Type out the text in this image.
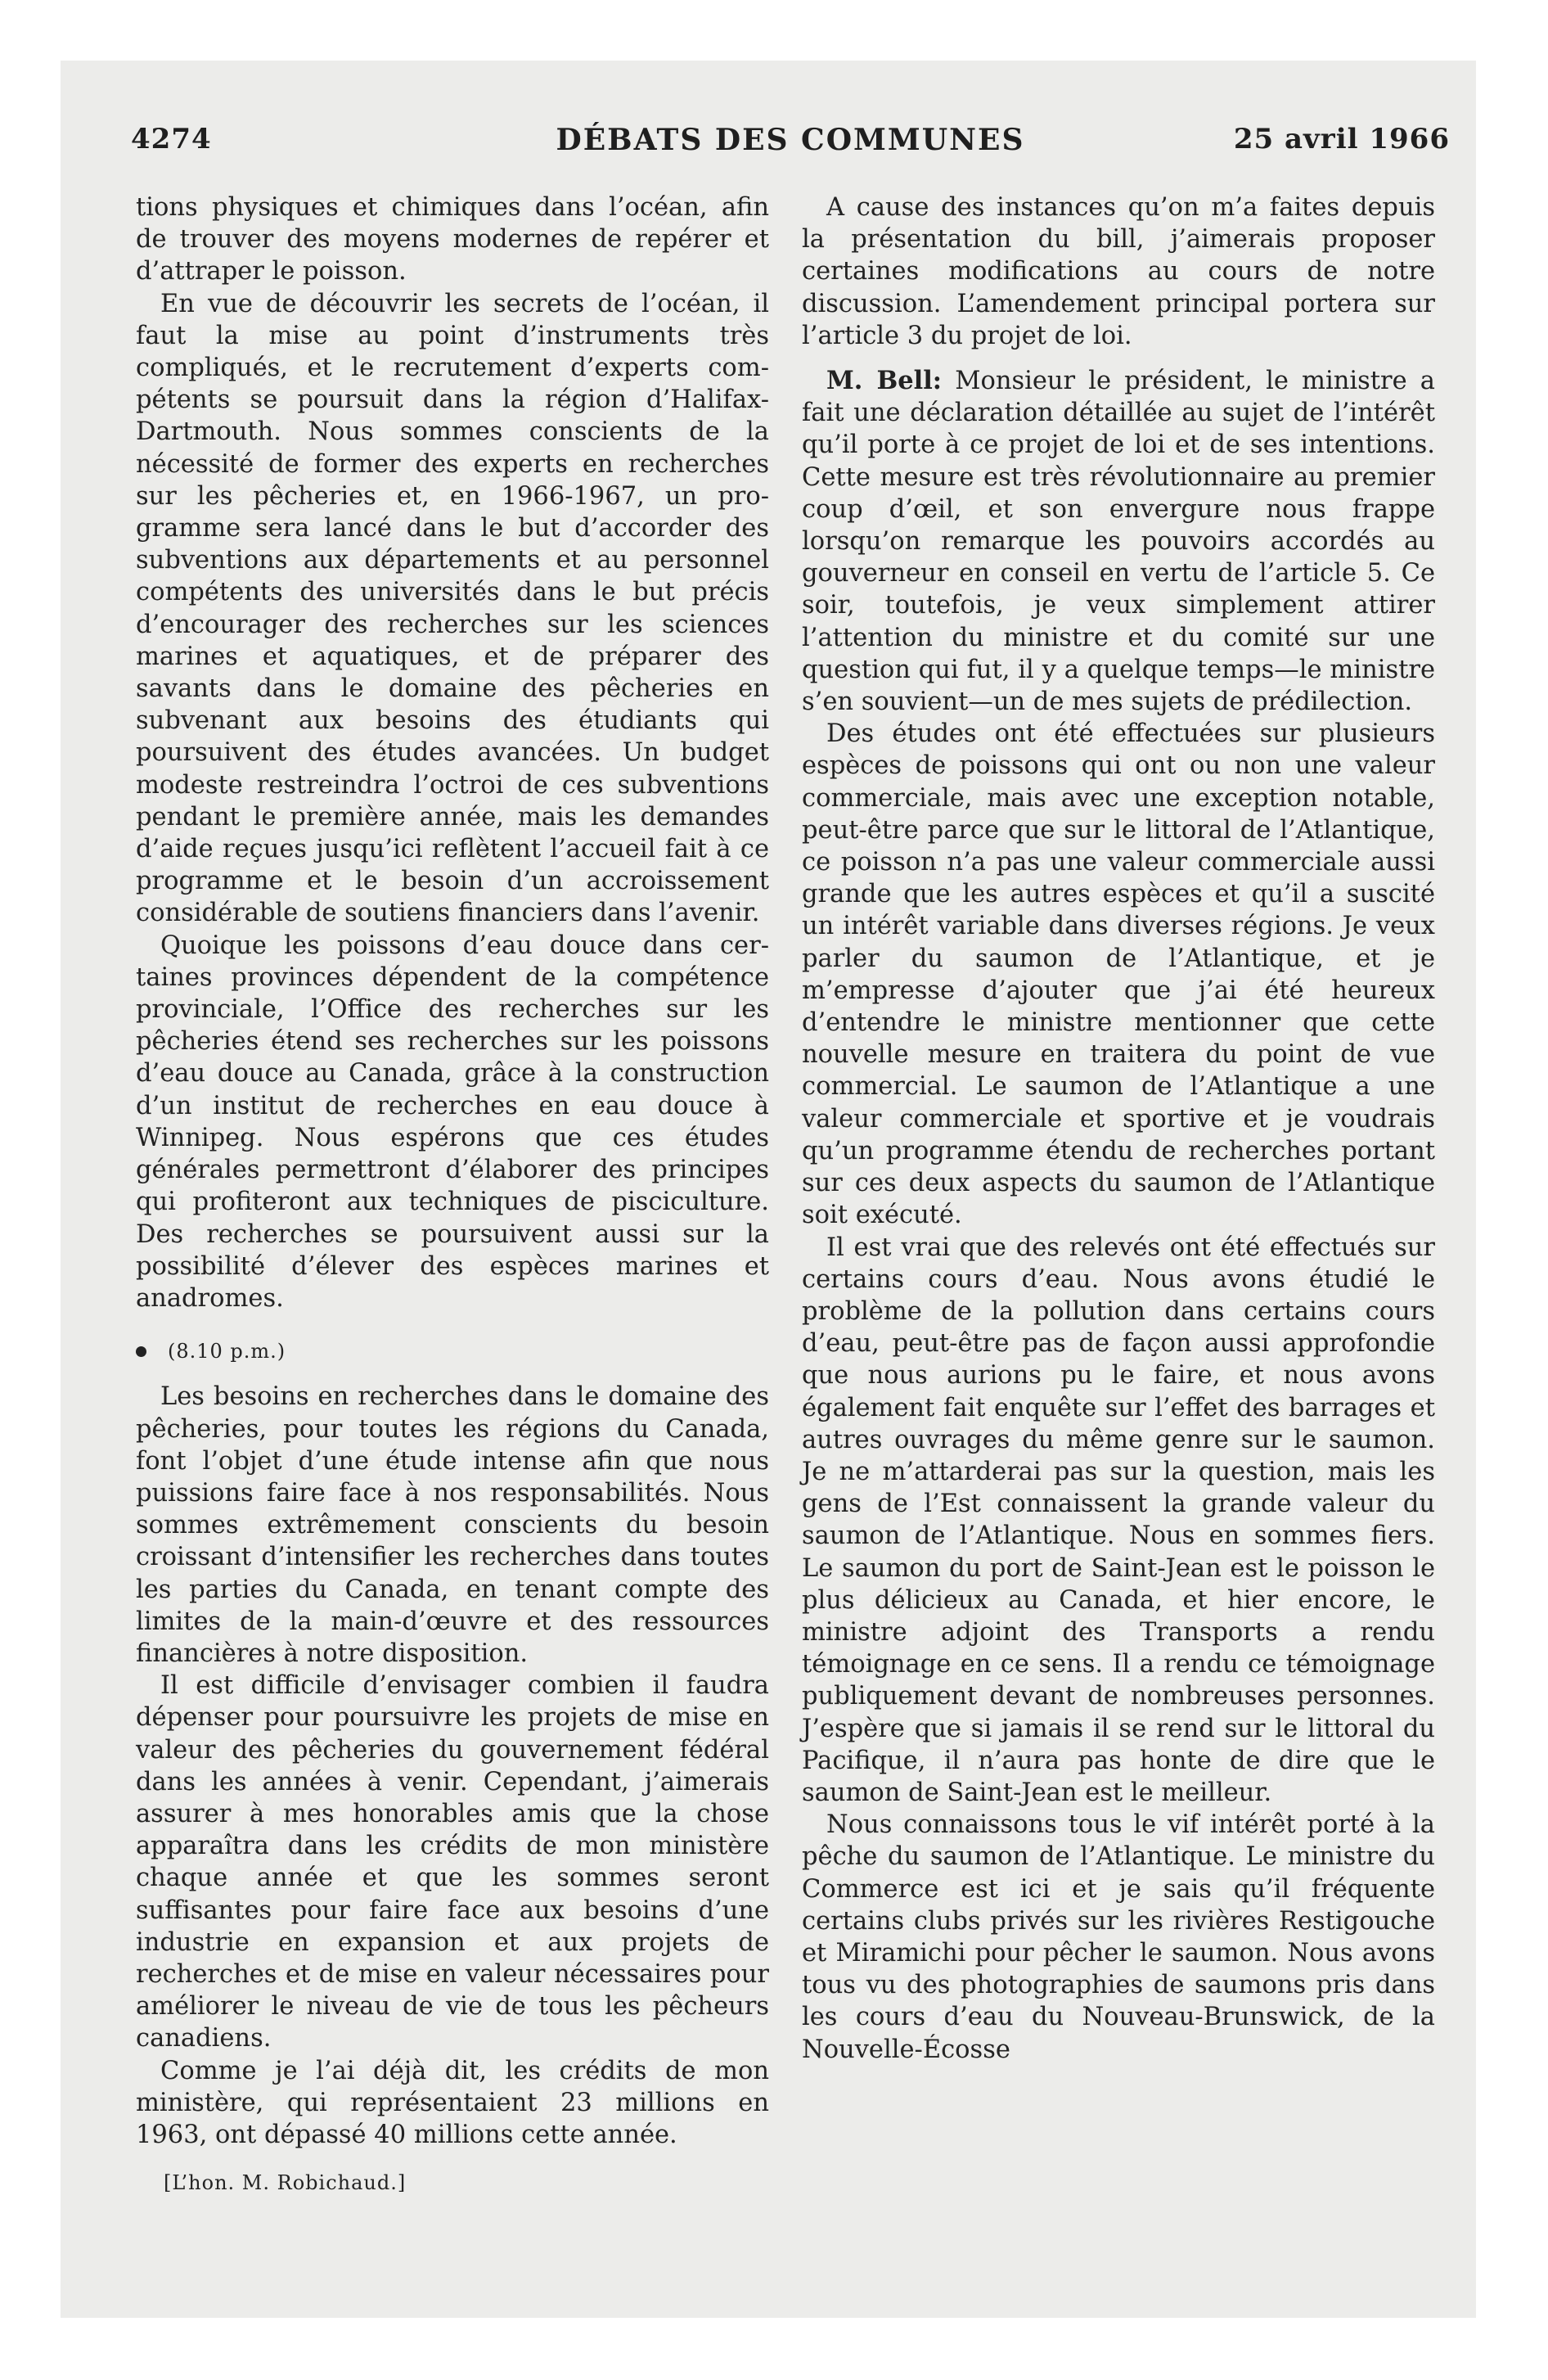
4274	DÉBATS DES COMMUNES	25 avril 1966

tions physiques et chimiques dans l’océan, afin de trouver des moyens modernes de repérer et d’attraper le poisson.

En vue de découvrir les secrets de l’océan, il faut la mise au point d’instruments très compliqués, et le recrutement d’experts compétents se poursuit dans la région d’Halifax-Dartmouth. Nous sommes conscients de la nécessité de former des experts en recherches sur les pêcheries et, en 1966-1967, un programme sera lancé dans le but d’accorder des subventions aux départements et au personnel compétents des universités dans le but précis d’encourager des recherches sur les sciences marines et aquatiques, et de préparer des savants dans le domaine des pêcheries en subvenant aux besoins des étudiants qui poursuivent des études avancées. Un budget modeste restreindra l’octroi de ces subventions pendant le première année, mais les demandes d’aide reçues jusqu’ici reflètent l’accueil fait à ce programme et le besoin d’un accroissement considérable de soutiens financiers dans l’avenir.

Quoique les poissons d’eau douce dans certaines provinces dépendent de la compétence provinciale, l’Office des recherches sur les pêcheries étend ses recherches sur les poissons d’eau douce au Canada, grâce à la construction d’un institut de recherches en eau douce à Winnipeg. Nous espérons que ces études générales permettront d’élaborer des principes qui profiteront aux techniques de pisciculture. Des recherches se poursuivent aussi sur la possibilité d’élever des espèces marines et anadromes.

(8.10 p.m.)

Les besoins en recherches dans le domaine des pêcheries, pour toutes les régions du Canada, font l’objet d’une étude intense afin que nous puissions faire face à nos responsabilités. Nous sommes extrêmement conscients du besoin croissant d’intensifier les recherches dans toutes les parties du Canada, en tenant compte des limites de la main-d’œuvre et des ressources financières à notre disposition.

Il est difficile d’envisager combien il faudra dépenser pour poursuivre les projets de mise en valeur des pêcheries du gouvernement fédéral dans les années à venir. Cependant, j’aimerais assurer à mes honorables amis que la chose apparaîtra dans les crédits de mon ministère chaque année et que les sommes seront suffisantes pour faire face aux besoins d’une industrie en expansion et aux projets de recherches et de mise en valeur nécessaires pour améliorer le niveau de vie de tous les pêcheurs canadiens.

Comme je l’ai déjà dit, les crédits de mon ministère, qui représentaient 23 millions en 1963, ont dépassé 40 millions cette année.

[L’hon. M. Robichaud.]

A cause des instances qu’on m’a faites depuis la présentation du bill, j’aimerais proposer certaines modifications au cours de notre discussion. L’amendement principal portera sur l’article 3 du projet de loi.

M. Bell: Monsieur le président, le ministre a fait une déclaration détaillée au sujet de l’intérêt qu’il porte à ce projet de loi et de ses intentions. Cette mesure est très révolutionnaire au premier coup d’œil, et son envergure nous frappe lorsqu’on remarque les pouvoirs accordés au gouverneur en conseil en vertu de l’article 5. Ce soir, toutefois, je veux simplement attirer l’attention du ministre et du comité sur une question qui fut, il y a quelque temps—le ministre s’en souvient—un de mes sujets de prédilection.

Des études ont été effectuées sur plusieurs espèces de poissons qui ont ou non une valeur commerciale, mais avec une exception notable, peut-être parce que sur le littoral de l’Atlantique, ce poisson n’a pas une valeur commerciale aussi grande que les autres espèces et qu’il a suscité un intérêt variable dans diverses régions. Je veux parler du saumon de l’Atlantique, et je m’empresse d’ajouter que j’ai été heureux d’entendre le ministre mentionner que cette nouvelle mesure en traitera du point de vue commercial. Le saumon de l’Atlantique a une valeur commerciale et sportive et je voudrais qu’un programme étendu de recherches portant sur ces deux aspects du saumon de l’Atlantique soit exécuté.

Il est vrai que des relevés ont été effectués sur certains cours d’eau. Nous avons étudié le problème de la pollution dans certains cours d’eau, peut-être pas de façon aussi approfondie que nous aurions pu le faire, et nous avons également fait enquête sur l’effet des barrages et autres ouvrages du même genre sur le saumon. Je ne m’attarderai pas sur la question, mais les gens de l’Est connaissent la grande valeur du saumon de l’Atlantique. Nous en sommes fiers. Le saumon du port de Saint-Jean est le poisson le plus délicieux au Canada, et hier encore, le ministre adjoint des Transports a rendu témoignage en ce sens. Il a rendu ce témoignage publiquement devant de nombreuses personnes. J’espère que si jamais il se rend sur le littoral du Pacifique, il n’aura pas honte de dire que le saumon de Saint-Jean est le meilleur.

Nous connaissons tous le vif intérêt porté à la pêche du saumon de l’Atlantique. Le ministre du Commerce est ici et je sais qu’il fréquente certains clubs privés sur les rivières Restigouche et Miramichi pour pêcher le saumon. Nous avons tous vu des photographies de saumons pris dans les cours d’eau du Nouveau-Brunswick, de la Nouvelle-Écosse
